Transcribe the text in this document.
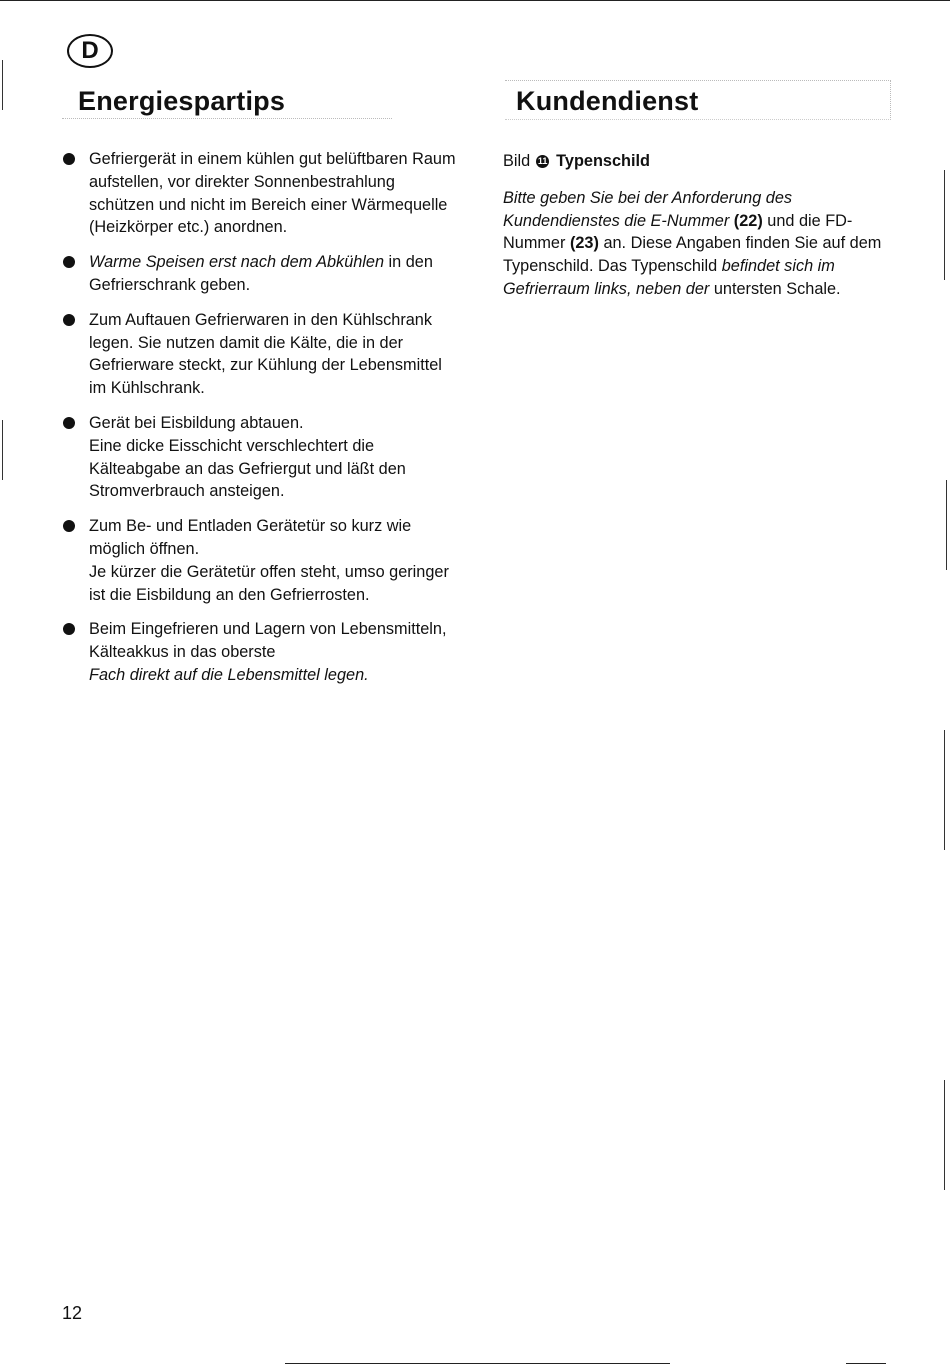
D
Energiespartips	Kundendienst

Gefriergerät in einem kühlen gut belüftbaren Raum aufstellen, vor direkter Sonnenbestrahlung schützen und nicht im Bereich einer Wärmequelle (Heizkörper etc.) anordnen.

Warme Speisen erst nach dem Abkühlen in den Gefrierschrank geben.

Zum Auftauen Gefrierwaren in den Kühlschrank legen. Sie nutzen damit die Kälte, die in der Gefrierware steckt, zur Kühlung der Lebensmittel im Kühlschrank.

Gerät bei Eisbildung abtauen.

Eine dicke Eisschicht verschlechtert die Kälteabgabe an das Gefriergut und läßt den Stromverbrauch ansteigen.

Zum Be- und Entladen Gerätetür so kurz wie möglich öffnen.

Je kürzer die Gerätetür offen steht, umso geringer ist die Eisbildung an den Gefrierrosten.

Beim Eingefrieren und Lagern von Lebensmitteln, Kälteakkus in das oberste

Fach direkt auf die Lebensmittel legen.

Bild 11 Typenschild

Bitte geben Sie bei der Anforderung des Kundendienstes die E-Nummer (22) und die FD-Nummer (23) an. Diese Angaben finden Sie auf dem Typenschild. Das Typenschild befindet sich im Gefrierraum links, neben der untersten Schale.

12
